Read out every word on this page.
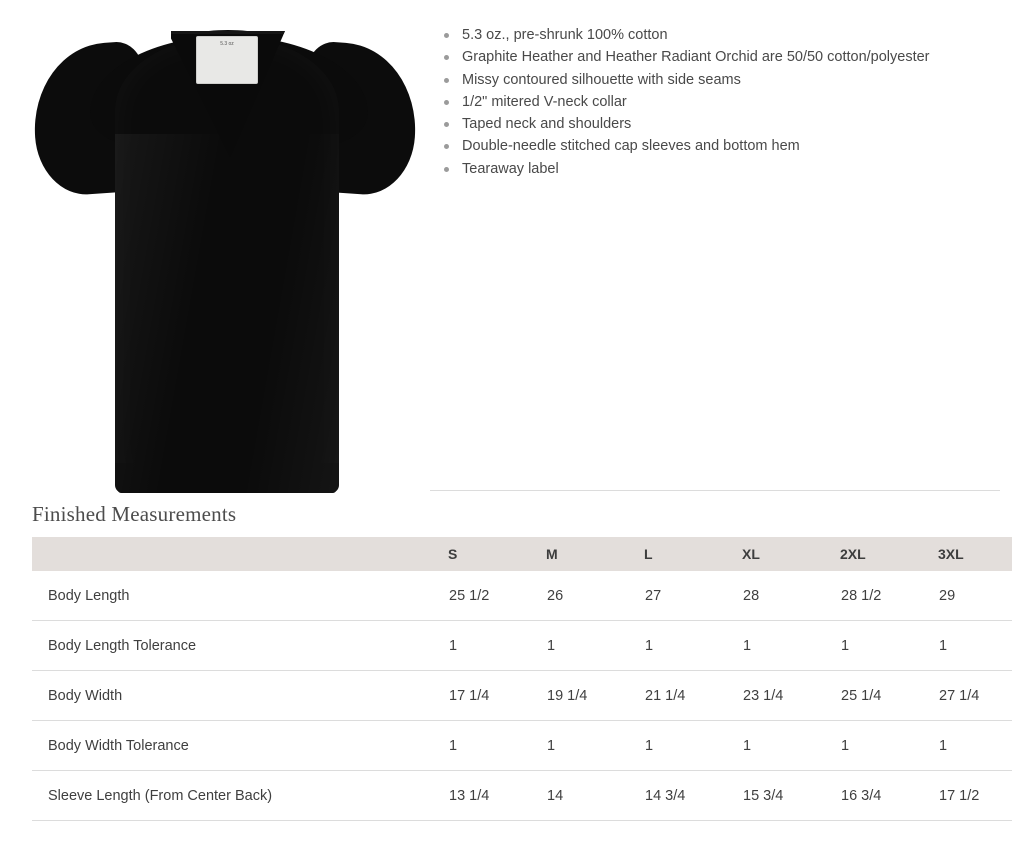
5.3 oz
5.3 oz., pre-shrunk 100% cotton
Graphite Heather and Heather Radiant Orchid are 50/50 cotton/polyester
Missy contoured silhouette with side seams
1/2" mitered V-neck collar
Taped neck and shoulders
Double-needle stitched cap sleeves and bottom hem
Tearaway label
Finished Measurements
	S	M	L	XL	2XL	3XL
Body Length	25 1/2	26	27	28	28 1/2	29
Body Length Tolerance	1	1	1	1	1	1
Body Width	17 1/4	19 1/4	21 1/4	23 1/4	25 1/4	27 1/4
Body Width Tolerance	1	1	1	1	1	1
Sleeve Length (From Center Back)	13 1/4	14	14 3/4	15 3/4	16 3/4	17 1/2
